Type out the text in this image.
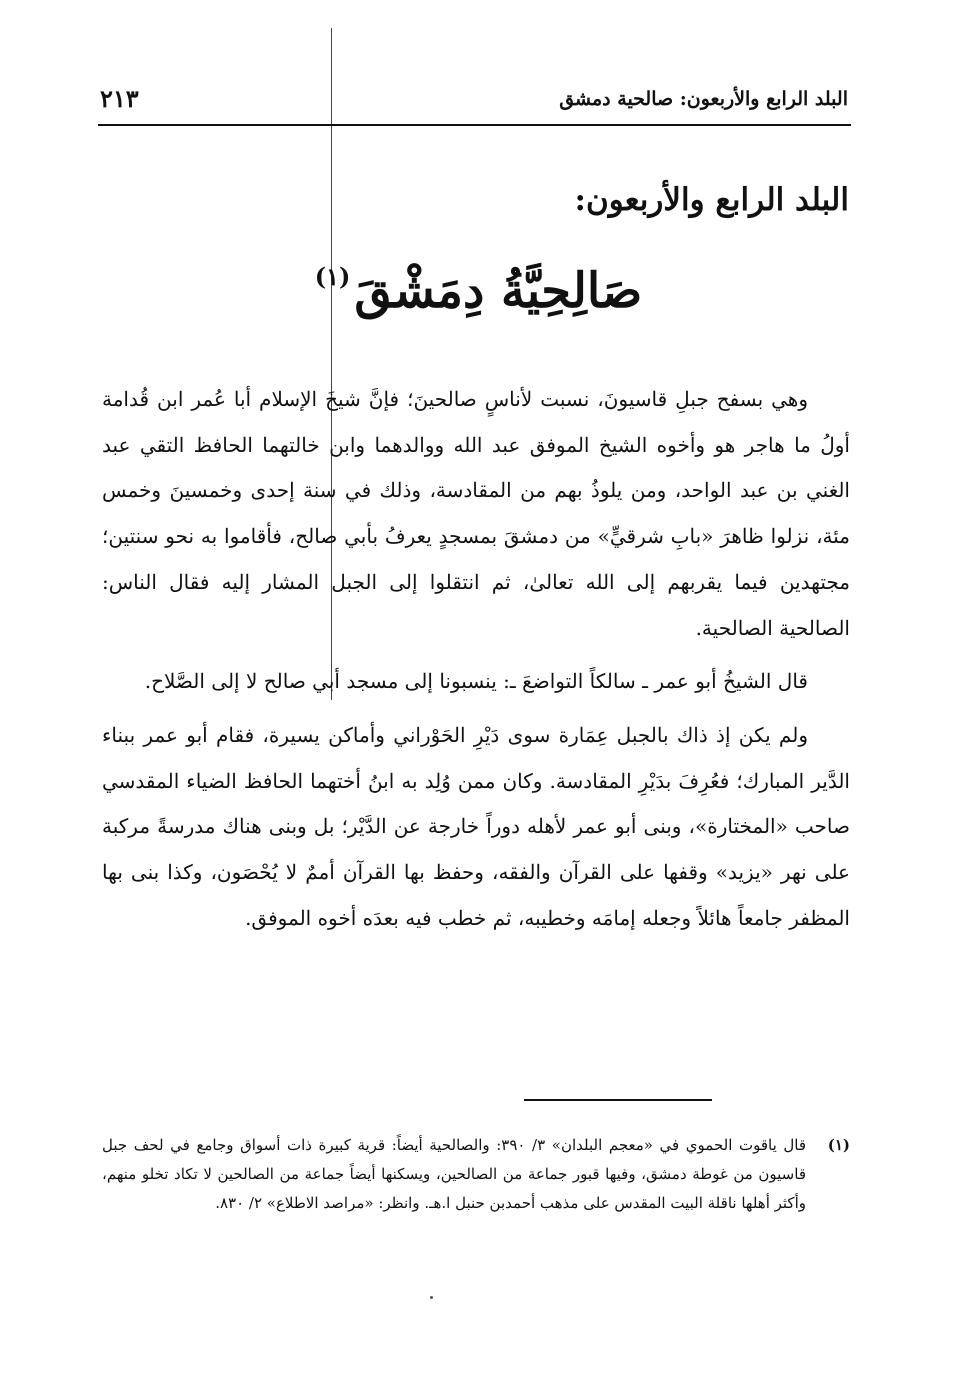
البلد الرابع والأربعون: صالحية دمشق
٢١٣
البلد الرابع والأربعون:
صَالِحِيَّةُ دِمَشْقَ$^{(١)}$

وهي بسفح جبلِ قاسيونَ، نسبت لأناسٍ صالحينَ؛ فإنَّ شيخَ الإسلام أبا عُمر ابن قُدامة أولُ ما هاجر هو وأخوه الشيخ الموفق عبد الله ووالدهما وابن خالتهما الحافظ التقي عبد الغني بن عبد الواحد، ومن يلوذُ بهم من المقادسة، وذلك في سنة إحدى وخمسينَ وخمس مئة، نزلوا ظاهرَ «بابِ شرقيٍّ» من دمشقَ بمسجدٍ يعرفُ بأبي صالح، فأقاموا به نحو سنتين؛ مجتهدين فيما يقربهم إلى الله تعالىٰ، ثم انتقلوا إلى الجبل المشار إليه فقال الناس: الصالحية الصالحية.

قال الشيخُ أبو عمر ـ سالكاً التواضعَ ـ: ينسبونا إلى مسجد أبي صالح لا إلى الصَّلاح.

ولم يكن إذ ذاك بالجبل عِمَارة سوى دَيْرِ الحَوْراني وأماكن يسيرة، فقام أبو عمر ببناء الدَّير المبارك؛ فعُرِفَ بدَيْرِ المقادسة. وكان ممن وُلِد به ابنُ أختهما الحافظ الضياء المقدسي صاحب «المختارة»، وبنى أبو عمر لأهله دوراً خارجة عن الدَّيْر؛ بل وبنى هناك مدرسةً مركبة على نهر «يزيد» وقفها على القرآن والفقه، وحفظ بها القرآن أممٌ لا يُحْصَون، وكذا بنى بها المظفر جامعاً هائلاً وجعله إمامَه وخطيبه، ثم خطب فيه بعدَه أخوه الموفق.

(١)
قال ياقوت الحموي في «معجم البلدان» ٣/ ٣٩٠: والصالحية أيضاً: قرية كبيرة ذات أسواق وجامع في لحف جبل قاسيون من غوطة دمشق، وفيها قبور جماعة من الصالحين، ويسكنها أيضاً جماعة من الصالحين لا تكاد تخلو منهم، وأكثر أهلها ناقلة البيت المقدس على مذهب أحمدبن حنبل ا.هـ. وانظر: «مراصد الاطلاع» ٢/ ٨٣٠.
